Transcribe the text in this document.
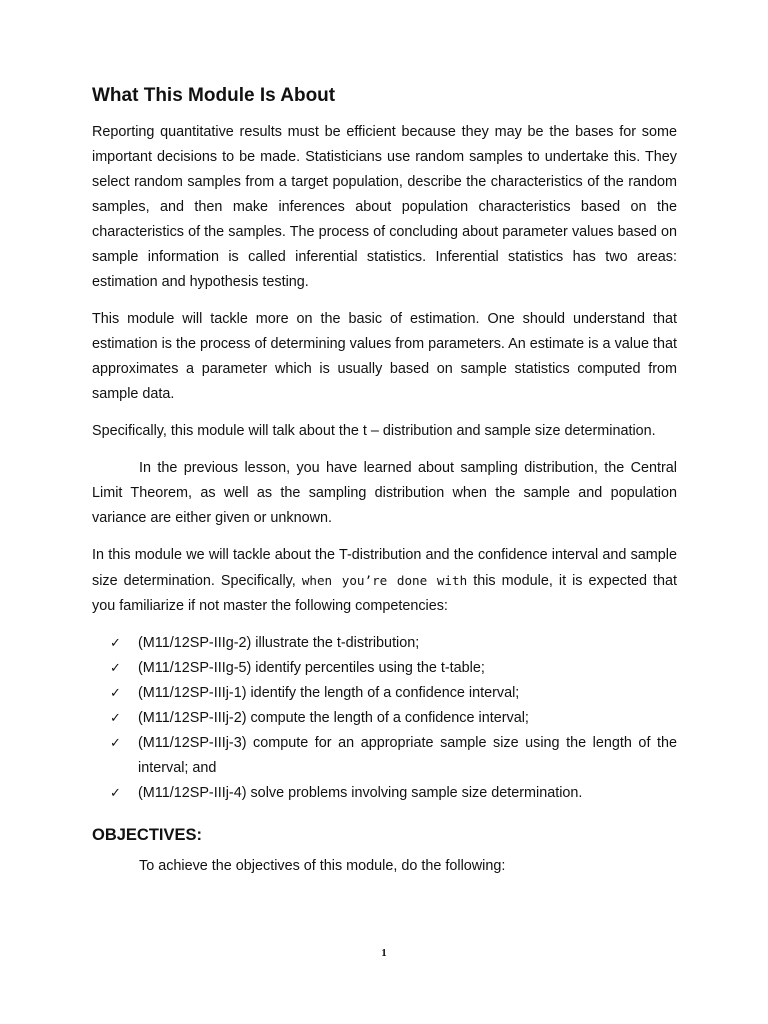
What This Module Is About

Reporting quantitative results must be efficient because they may be the bases for some important decisions to be made. Statisticians use random samples to undertake this. They select random samples from a target population, describe the characteristics of the random samples, and then make inferences about population characteristics based on the characteristics of the samples. The process of concluding about parameter values based on sample information is called inferential statistics. Inferential statistics has two areas: estimation and hypothesis testing.

This module will tackle more on the basic of estimation. One should understand that estimation is the process of determining values from parameters. An estimate is a value that approximates a parameter which is usually based on sample statistics computed from sample data.

Specifically, this module will talk about the t – distribution and sample size determination.

In the previous lesson, you have learned about sampling distribution, the Central Limit Theorem, as well as the sampling distribution when the sample and population variance are either given or unknown.

In this module we will tackle about the T-distribution and the confidence interval and sample size determination. Specifically, when you’re done with this module, it is expected that you familiarize if not master the following competencies:

✓ (M11/12SP-IIIg-2) illustrate the t-distribution;
✓ (M11/12SP-IIIg-5) identify percentiles using the t-table;
✓ (M11/12SP-IIIj-1) identify the length of a confidence interval;
✓ (M11/12SP-IIIj-2) compute the length of a confidence interval;
✓ (M11/12SP-IIIj-3) compute for an appropriate sample size using the length of the interval; and
✓ (M11/12SP-IIIj-4) solve problems involving sample size determination.
OBJECTIVES:

To achieve the objectives of this module, do the following:

1
